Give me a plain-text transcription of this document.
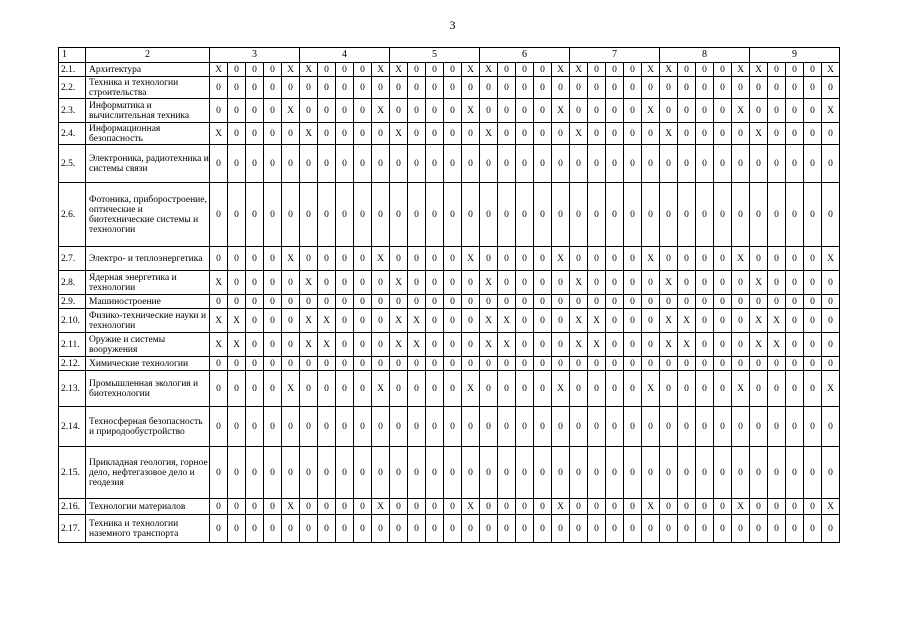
3
1	2	3					4					5					6					7					8					9				
2.1.	Архитектура	X	0	0	0	X	X	0	0	0	X	X	0	0	0	X	X	0	0	0	X	X	0	0	0	X	X	0	0	0	X	X	0	0	0	X
2.2.	Техника и технологии строительства	0	0	0	0	0	0	0	0	0	0	0	0	0	0	0	0	0	0	0	0	0	0	0	0	0	0	0	0	0	0	0	0	0	0	0
2.3.	Информатика и вычислительная техника	0	0	0	0	X	0	0	0	0	X	0	0	0	0	X	0	0	0	0	X	0	0	0	0	X	0	0	0	0	X	0	0	0	0	X
2.4.	Информационная безопасность	X	0	0	0	0	X	0	0	0	0	X	0	0	0	0	X	0	0	0	0	X	0	0	0	0	X	0	0	0	0	X	0	0	0	0
2.5.	Электроника, радиотехника и системы связи	0	0	0	0	0	0	0	0	0	0	0	0	0	0	0	0	0	0	0	0	0	0	0	0	0	0	0	0	0	0	0	0	0	0	0
2.6.	Фотоника, приборостроение, оптические и биотехнические системы и технологии	0	0	0	0	0	0	0	0	0	0	0	0	0	0	0	0	0	0	0	0	0	0	0	0	0	0	0	0	0	0	0	0	0	0	0
2.7.	Электро- и теплоэнергетика	0	0	0	0	X	0	0	0	0	X	0	0	0	0	X	0	0	0	0	X	0	0	0	0	X	0	0	0	0	X	0	0	0	0	X
2.8.	Ядерная энергетика и технологии	X	0	0	0	0	X	0	0	0	0	X	0	0	0	0	X	0	0	0	0	X	0	0	0	0	X	0	0	0	0	X	0	0	0	0
2.9.	Машиностроение	0	0	0	0	0	0	0	0	0	0	0	0	0	0	0	0	0	0	0	0	0	0	0	0	0	0	0	0	0	0	0	0	0	0	0
2.10.	Физико-технические науки и технологии	X	X	0	0	0	X	X	0	0	0	X	X	0	0	0	X	X	0	0	0	X	X	0	0	0	X	X	0	0	0	X	X	0	0	0
2.11.	Оружие и системы вооружения	X	X	0	0	0	X	X	0	0	0	X	X	0	0	0	X	X	0	0	0	X	X	0	0	0	X	X	0	0	0	X	X	0	0	0
2.12.	Химические технологии	0	0	0	0	0	0	0	0	0	0	0	0	0	0	0	0	0	0	0	0	0	0	0	0	0	0	0	0	0	0	0	0	0	0	0
2.13.	Промышленная экология и биотехнологии	0	0	0	0	X	0	0	0	0	X	0	0	0	0	X	0	0	0	0	X	0	0	0	0	X	0	0	0	0	X	0	0	0	0	X
2.14.	Техносферная безопасность и природообустройство	0	0	0	0	0	0	0	0	0	0	0	0	0	0	0	0	0	0	0	0	0	0	0	0	0	0	0	0	0	0	0	0	0	0	0
2.15.	Прикладная геология, горное дело, нефтегазовое дело и геодезия	0	0	0	0	0	0	0	0	0	0	0	0	0	0	0	0	0	0	0	0	0	0	0	0	0	0	0	0	0	0	0	0	0	0	0
2.16.	Технологии материалов	0	0	0	0	X	0	0	0	0	X	0	0	0	0	X	0	0	0	0	X	0	0	0	0	X	0	0	0	0	X	0	0	0	0	X
2.17.	Техника и технологии наземного транспорта	0	0	0	0	0	0	0	0	0	0	0	0	0	0	0	0	0	0	0	0	0	0	0	0	0	0	0	0	0	0	0	0	0	0	0
